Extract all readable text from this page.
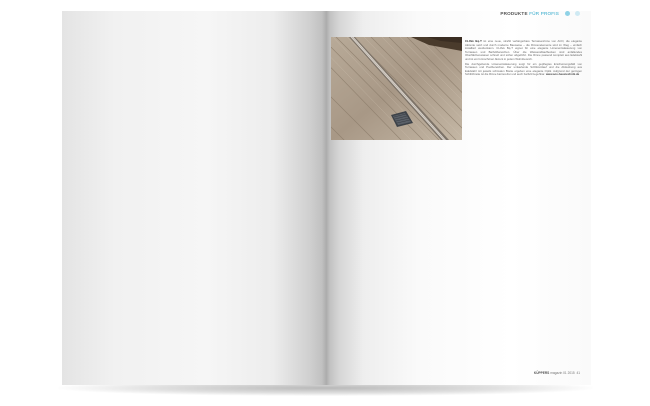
PRODUKTE FÜR PROFIS

CLAVe Bq-T ist eine neue, strahlt verlängerbare Terrassenrinne von ACO, die elegante Akzente setzt und durch moderne Bauweise – die Rinnenelemente sind im Weg – einfach installiert werdenkann. CLAVe Bq-T eignet für eine elegante Linienentwässerung von Terrassen und Barfußbereichen. Über die Wasserablaufbecken sind anfallendes Oberflächenwasser schnell und sicher abgeführt. Die Rinne passend komplett aus Edelstahl und ist ein formschöner Akzent in jedem Wohnbereich.

Die durchgehende Linienentwässerung sorgt für ein gepflegtes Erscheinungsbild von Terrassen und Poolbereichen. Der umlaufende Schlitzeinlauf und die Abdeckung aus Edelstahl mit jeweils schmalen Breite ergeben eine elegante Optik. Aufgrund der geringen Schlitzbreite ist die Rinne barrierefrei und auch barfuß begehbar. www.aco-haustechnik.de

KÜPPERS magazin 01 2015 41
